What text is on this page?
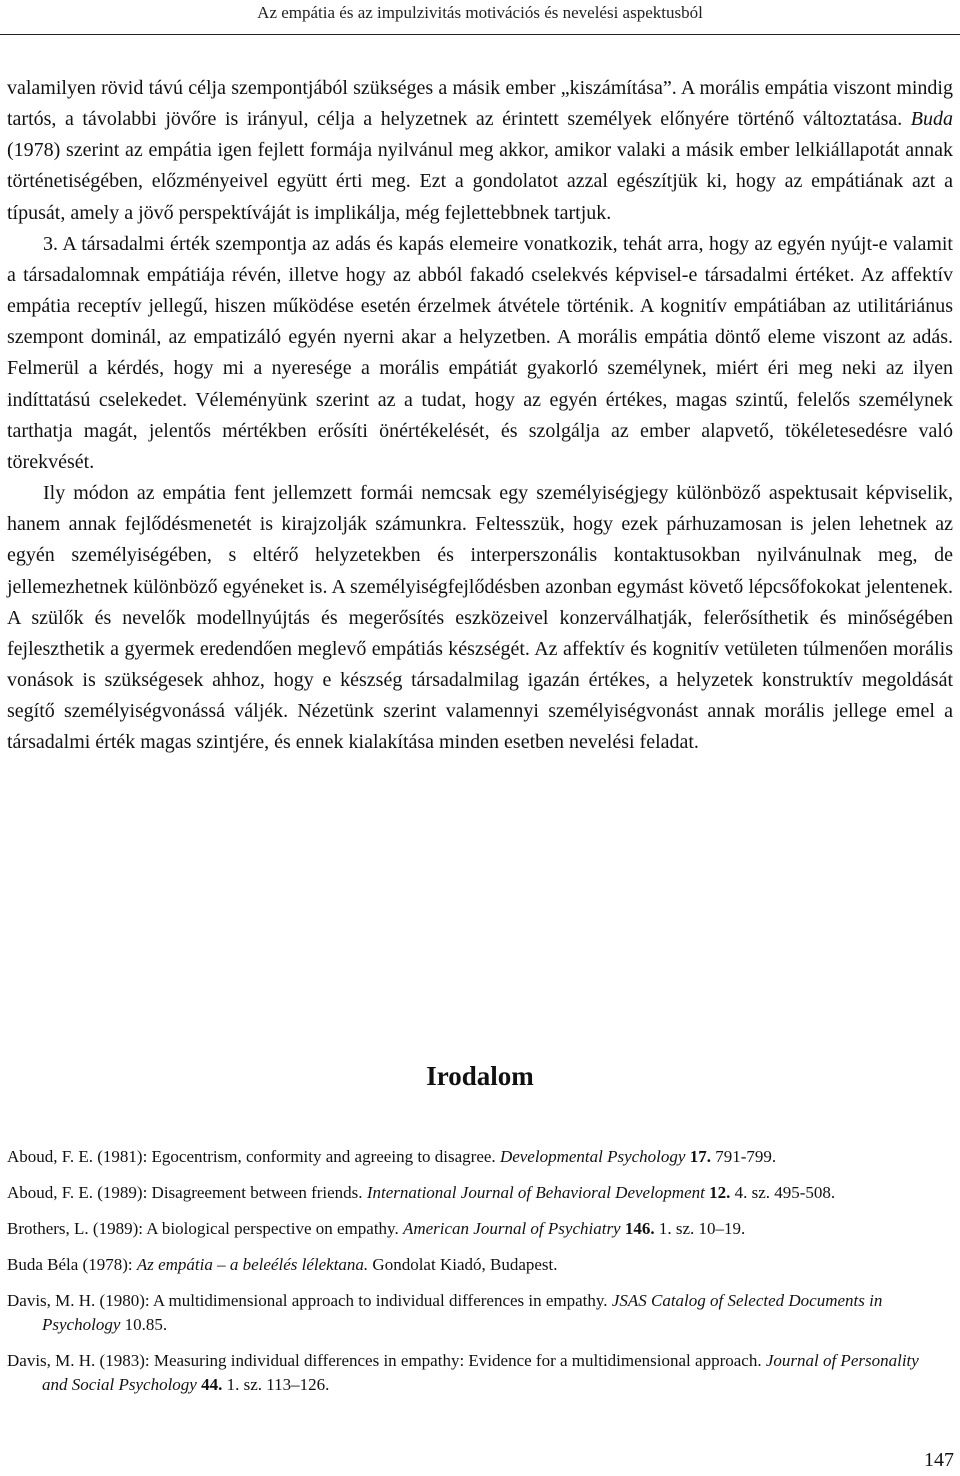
Az empátia és az impulzivitás motivációs és nevelési aspektusból

valamilyen rövid távú célja szempontjából szükséges a másik ember „kiszámítása”. A morális empátia viszont mindig tartós, a távolabbi jövőre is irányul, célja a helyzetnek az érintett személyek előnyére történő változtatása. Buda (1978) szerint az empátia igen fejlett formája nyilvánul meg akkor, amikor valaki a másik ember lelkiállapotát annak történetiségében, előzményeivel együtt érti meg. Ezt a gondolatot azzal egészítjük ki, hogy az empátiának azt a típusát, amely a jövő perspektíváját is implikálja, még fejlettebbnek tartjuk.

3. A társadalmi érték szempontja az adás és kapás elemeire vonatkozik, tehát arra, hogy az egyén nyújt-e valamit a társadalomnak empátiája révén, illetve hogy az abból fakadó cselekvés képvisel-e társadalmi értéket. Az affektív empátia receptív jellegű, hiszen működése esetén érzelmek átvétele történik. A kognitív empátiában az utilitáriánus szempont dominál, az empatizáló egyén nyerni akar a helyzetben. A morális empátia döntő eleme viszont az adás. Felmerül a kérdés, hogy mi a nyeresége a morális empátiát gyakorló személynek, miért éri meg neki az ilyen indíttatású cselekedet. Véleményünk szerint az a tudat, hogy az egyén értékes, magas szintű, felelős személynek tarthatja magát, jelentős mértékben erősíti önértékelését, és szolgálja az ember alapvető, tökéletesedésre való törekvését.

Ily módon az empátia fent jellemzett formái nemcsak egy személyiségjegy különböző aspektusait képviselik, hanem annak fejlődésmenetét is kirajzolják számunkra. Feltesszük, hogy ezek párhuzamosan is jelen lehetnek az egyén személyiségében, s eltérő helyzetekben és interperszonális kontaktusokban nyilvánulnak meg, de jellemezhetnek különböző egyéneket is. A személyiségfejlődésben azonban egymást követő lépcsőfokokat jelentenek. A szülők és nevelők modellnyújtás és megerősítés eszközeivel konzerválhatják, felerősíthetik és minőségében fejleszthetik a gyermek eredendően meglevő empátiás készségét. Az affektív és kognitív vetületen túlmenően morális vonások is szükségesek ahhoz, hogy e készség társadalmilag igazán értékes, a helyzetek konstruktív megoldását segítő személyiségvonássá váljék. Nézetünk szerint valamennyi személyiségvonást annak morális jellege emel a társadalmi érték magas szintjére, és ennek kialakítása minden esetben nevelési feladat.

Irodalom
Aboud, F. E. (1981): Egocentrism, conformity and agreeing to disagree. Developmental Psychology 17. 791-799.
Aboud, F. E. (1989): Disagreement between friends. International Journal of Behavioral Development 12. 4. sz. 495-508.
Brothers, L. (1989): A biological perspective on empathy. American Journal of Psychiatry 146. 1. sz. 10–19.
Buda Béla (1978): Az empátia – a beleélés lélektana. Gondolat Kiadó, Budapest.
Davis, M. H. (1980): A multidimensional approach to individual differences in empathy. JSAS Catalog of Selected Documents in Psychology 10.85.
Davis, M. H. (1983): Measuring individual differences in empathy: Evidence for a multidimensional approach. Journal of Personality and Social Psychology 44. 1. sz. 113–126.
147
